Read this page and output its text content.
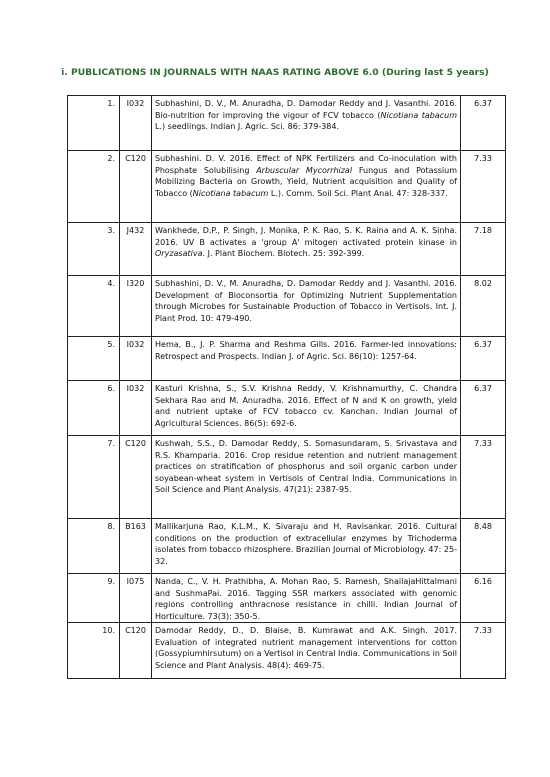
i. PUBLICATIONS IN JOURNALS WITH NAAS RATING ABOVE 6.0 (During last 5 years)
1.	I032	Subhashini, D. V., M. Anuradha, D. Damodar Reddy and J. Vasanthi. 2016. Bio-nutrition for improving the vigour of FCV tobacco (Nicotiana tabacum L.) seedlings. Indian J. Agric. Sci. 86: 379-384.	6.37
2.	C120	Subhashini. D. V. 2016. Effect of NPK Fertilizers and Co-inoculation with Phosphate Solubilising Arbuscular Mycorrhizal Fungus and Potassium Mobilizing Bacteria on Growth, Yield, Nutrient acquisition and Quality of Tobacco (Nicotiana tabacum L.). Comm. Soil Sci. Plant Anal. 47: 328-337.	7.33
3.	J432	Wankhede, D.P., P. Singh, J. Monika, P. K. Rao, S. K. Raina and A. K. Sinha. 2016. UV B activates a 'group A' mitogen activated protein kinase in Oryzasativa. J. Plant Biochem. Biotech. 25: 392-399.	7.18
4.	I320	Subhashini, D. V., M. Anuradha, D. Damodar Reddy and J. Vasanthi. 2016. Development of Bioconsortia for Optimizing Nutrient Supplementation through Microbes for Sustainable Production of Tobacco in Vertisols. Int. J. Plant Prod. 10: 479-490.	8.02
5.	I032	Hema, B., J. P. Sharma and Reshma Gills. 2016. Farmer-led innovations: Retrospect and Prospects. Indian J. of Agric. Sci. 86(10): 1257-64.	6.37
6.	I032	Kasturi Krishna, S., S.V. Krishna Reddy, V. Krishnamurthy, C. Chandra Sekhara Rao and M. Anuradha. 2016. Effect of N and K on growth, yield and nutrient uptake of FCV tobacco cv. Kanchan. Indian Journal of Agricultural Sciences. 86(5): 692-6.	6.37
7.	C120	Kushwah, S.S., D. Damodar Reddy, S. Somasundaram, S. Srivastava and R.S. Khamparia. 2016. Crop residue retention and nutrient management practices on stratification of phosphorus and soil organic carbon under soyabean-wheat system in Vertisols of Central India. Communications in Soil Science and Plant Analysis. 47(21): 2387-95.	7.33
8.	B163	Mallikarjuna Rao, K.L.M., K. Sivaraju and H. Ravisankar. 2016. Cultural conditions on the production of extracellular enzymes by Trichoderma isolates from tobacco rhizosphere. Brazilian Journal of Microbiology. 47: 25-32.	8.48
9.	I075	Nanda, C., V. H. Prathibha, A. Mohan Rao, S. Ramesh, ShailajaHittalmani and SushmaPai. 2016. Tagging SSR markers associated with genomic regions controlling anthracnose resistance in chilli. Indian Journal of Horticulture. 73(3): 350-5.	6.16
10.	C120	Damodar Reddy, D., D. Blaise, B. Kumrawat and A.K. Singh. 2017. Evaluation of integrated nutrient management interventions for cotton (Gossypiumhirsutum) on a Vertisol in Central India. Communications in Soil Science and Plant Analysis. 48(4): 469-75.	7.33
